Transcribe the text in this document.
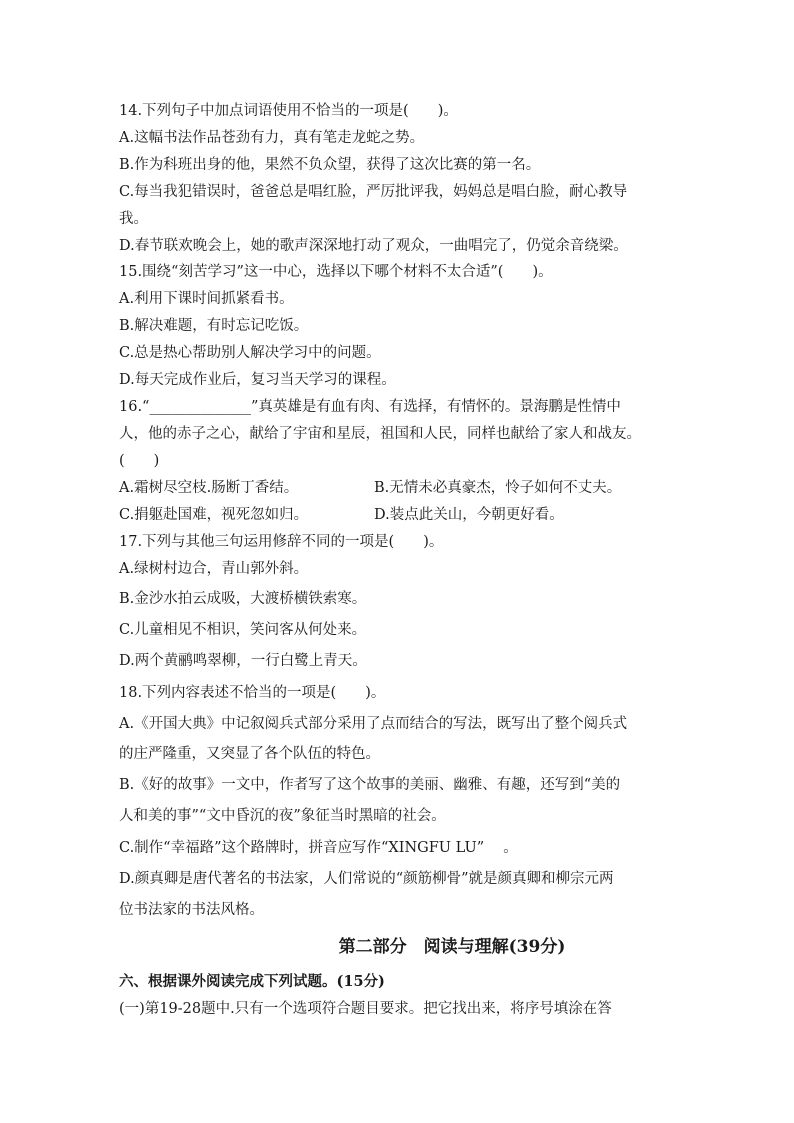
14.下列句子中加点词语使用不恰当的一项是(　　)。
A.这幅书法作品苍劲有力，真有笔走龙蛇之势。
B.作为科班出身的他，果然不负众望，获得了这次比赛的第一名。
C.每当我犯错误时，爸爸总是唱红脸，严厉批评我，妈妈总是唱白脸，耐心教导
我。
D.春节联欢晚会上，她的歌声深深地打动了观众，一曲唱完了，仍觉余音绕梁。
15.围绕“刻苦学习”这一中心，选择以下哪个材料不太合适”(　　)。
A.利用下课时间抓紧看书。
B.解决难题，有时忘记吃饭。
C.总是热心帮助别人解决学习中的问题。
D.每天完成作业后，复习当天学习的课程。
16.“______________”真英雄是有血有肉、有选择，有情怀的。景海鹏是性情中
人，他的赤子之心，献给了宇宙和星辰，祖国和人民，同样也献给了家人和战友。
(　　)
A.霜树尽空枝.肠断丁香结。	B.无情未必真豪杰，怜子如何不丈夫。
C.捐躯赴国难，视死忽如归。	D.装点此关山，今朝更好看。
17.下列与其他三句运用修辞不同的一项是(　　)。
A.绿树村边合，青山郭外斜。
B.金沙水拍云成吸，大渡桥横铁索寒。
C.儿童相见不相识，笑问客从何处来。
D.两个黄鹂鸣翠柳，一行白鹭上青天。
18.下列内容表述不恰当的一项是(　　)。
A.《开国大典》中记叙阅兵式部分采用了点而结合的写法，既写出了整个阅兵式
的庄严隆重，又突显了各个队伍的特色。
B.《好的故事》一文中，作者写了这个故事的美丽、幽雅、有趣，还写到“美的
人和美的事”“文中昏沉的夜”象征当时黑暗的社会。
C.制作“幸福路”这个路牌时，拼音应写作“XINGFU LU”　 。
D.颜真卿是唐代著名的书法家，人们常说的“颜筋柳骨”就是颜真卿和柳宗元两
位书法家的书法风格。
第二部分　阅读与理解(39分)
六、根据课外阅读完成下列试题。(15分)
(一)第19-28题中.只有一个选项符合题目要求。把它找出来，将序号填涂在答
